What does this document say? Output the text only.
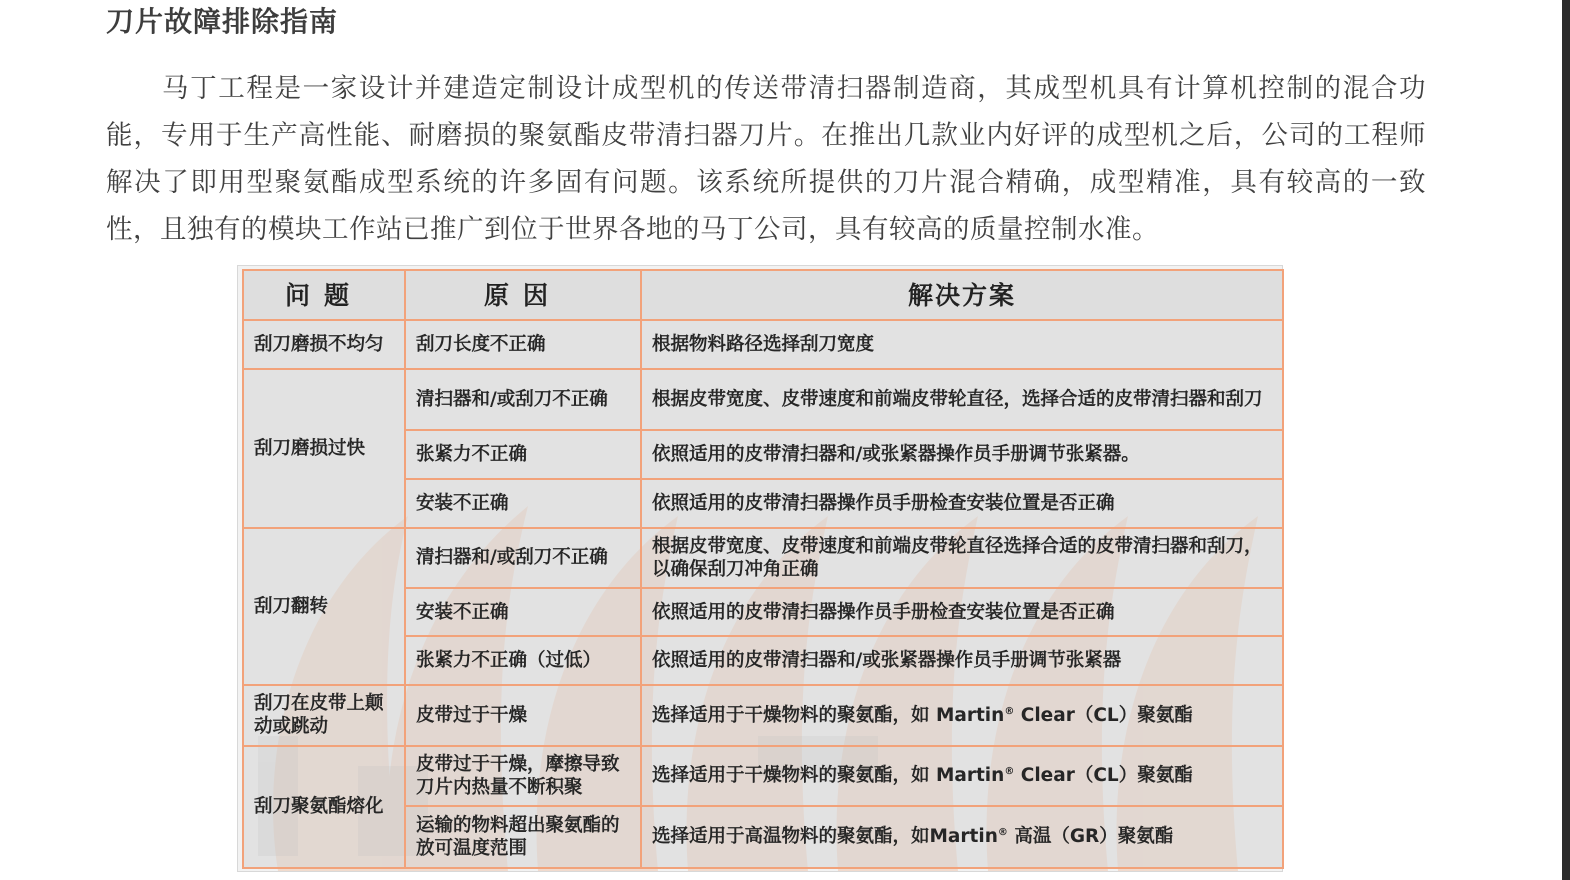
刀片故障排除指南

马丁工程是一家设计并建造定制设计成型机的传送带清扫器制造商，其成型机具有计算机控制的混合功能，专用于生产高性能、耐磨损的聚氨酯皮带清扫器刀片。在推出几款业内好评的成型机之后，公司的工程师解决了即用型聚氨酯成型系统的许多固有问题。该系统所提供的刀片混合精确，成型精准，具有较高的一致性，且独有的模块工作站已推广到位于世界各地的马丁公司，具有较高的质量控制水准。

问题	原因	解决方案
刮刀磨损不均匀	刮刀长度不正确	根据物料路径选择刮刀宽度
刮刀磨损过快	清扫器和/或刮刀不正确	根据皮带宽度、皮带速度和前端皮带轮直径，选择合适的皮带清扫器和刮刀
	张紧力不正确	依照适用的皮带清扫器和/或张紧器操作员手册调节张紧器。
	安装不正确	依照适用的皮带清扫器操作员手册检查安装位置是否正确
刮刀翻转	清扫器和/或刮刀不正确	根据皮带宽度、皮带速度和前端皮带轮直径选择合适的皮带清扫器和刮刀，以确保刮刀冲角正确
	安装不正确	依照适用的皮带清扫器操作员手册检查安装位置是否正确
	张紧力不正确（过低）	依照适用的皮带清扫器和/或张紧器操作员手册调节张紧器
刮刀在皮带上颠动或跳动	皮带过于干燥	选择适用于干燥物料的聚氨酯，如 Martin® Clear（CL）聚氨酯
刮刀聚氨酯熔化	皮带过于干燥，摩擦导致刀片内热量不断积聚	选择适用于干燥物料的聚氨酯，如 Martin® Clear（CL）聚氨酯
	运输的物料超出聚氨酯的放可温度范围	选择适用于高温物料的聚氨酯，如Martin® 高温（GR）聚氨酯
